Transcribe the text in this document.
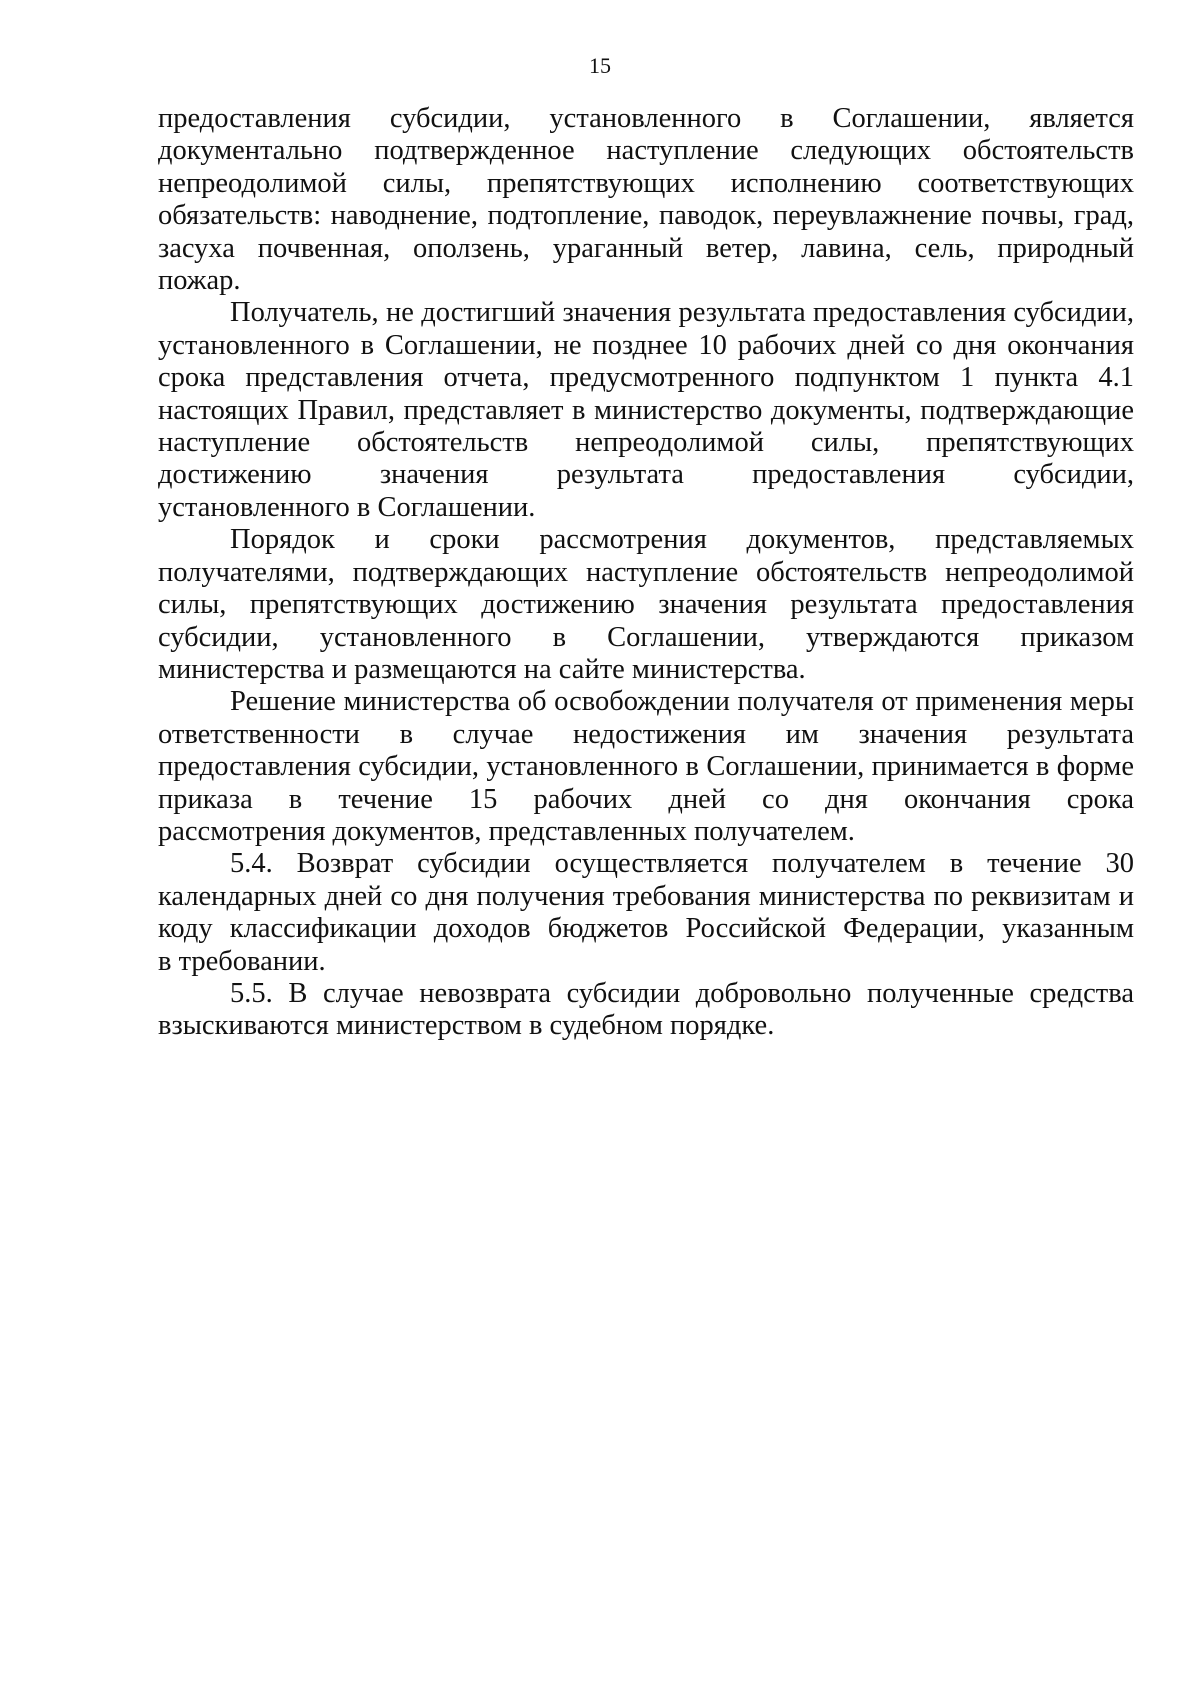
15

предоставления субсидии, установленного в Соглашении, является документально подтвержденное наступление следующих обстоятельств непреодолимой силы, препятствующих исполнению соответствующих обязательств: наводнение, подтопление, паводок, переувлажнение почвы, град, засуха почвенная, оползень, ураганный ветер, лавина, сель, природный

пожар.

Получатель, не достигший значения результата предоставления субсидии, установленного в Соглашении, не позднее 10 рабочих дней со дня окончания срока представления отчета, предусмотренного подпунктом 1 пункта 4.1 настоящих Правил, представляет в министерство документы, подтверждающие наступление обстоятельств непреодолимой силы, препятствующих достижению значения результата предоставления субсидии,

установленного в Соглашении.

Порядок и сроки рассмотрения документов, представляемых получателями, подтверждающих наступление обстоятельств непреодолимой силы, препятствующих достижению значения результата предоставления субсидии, установленного в Соглашении, утверждаются приказом

министерства и размещаются на сайте министерства.

Решение министерства об освобождении получателя от применения меры ответственности в случае недостижения им значения результата предоставления субсидии, установленного в Соглашении, принимается в форме приказа в течение 15 рабочих дней со дня окончания срока

рассмотрения документов, представленных получателем.

5.4. Возврат субсидии осуществляется получателем в течение 30 календарных дней со дня получения требования министерства по реквизитам и коду классификации доходов бюджетов Российской Федерации, указанным

в требовании.

5.5. В случае невозврата субсидии добровольно полученные средства

взыскиваются министерством в судебном порядке.
